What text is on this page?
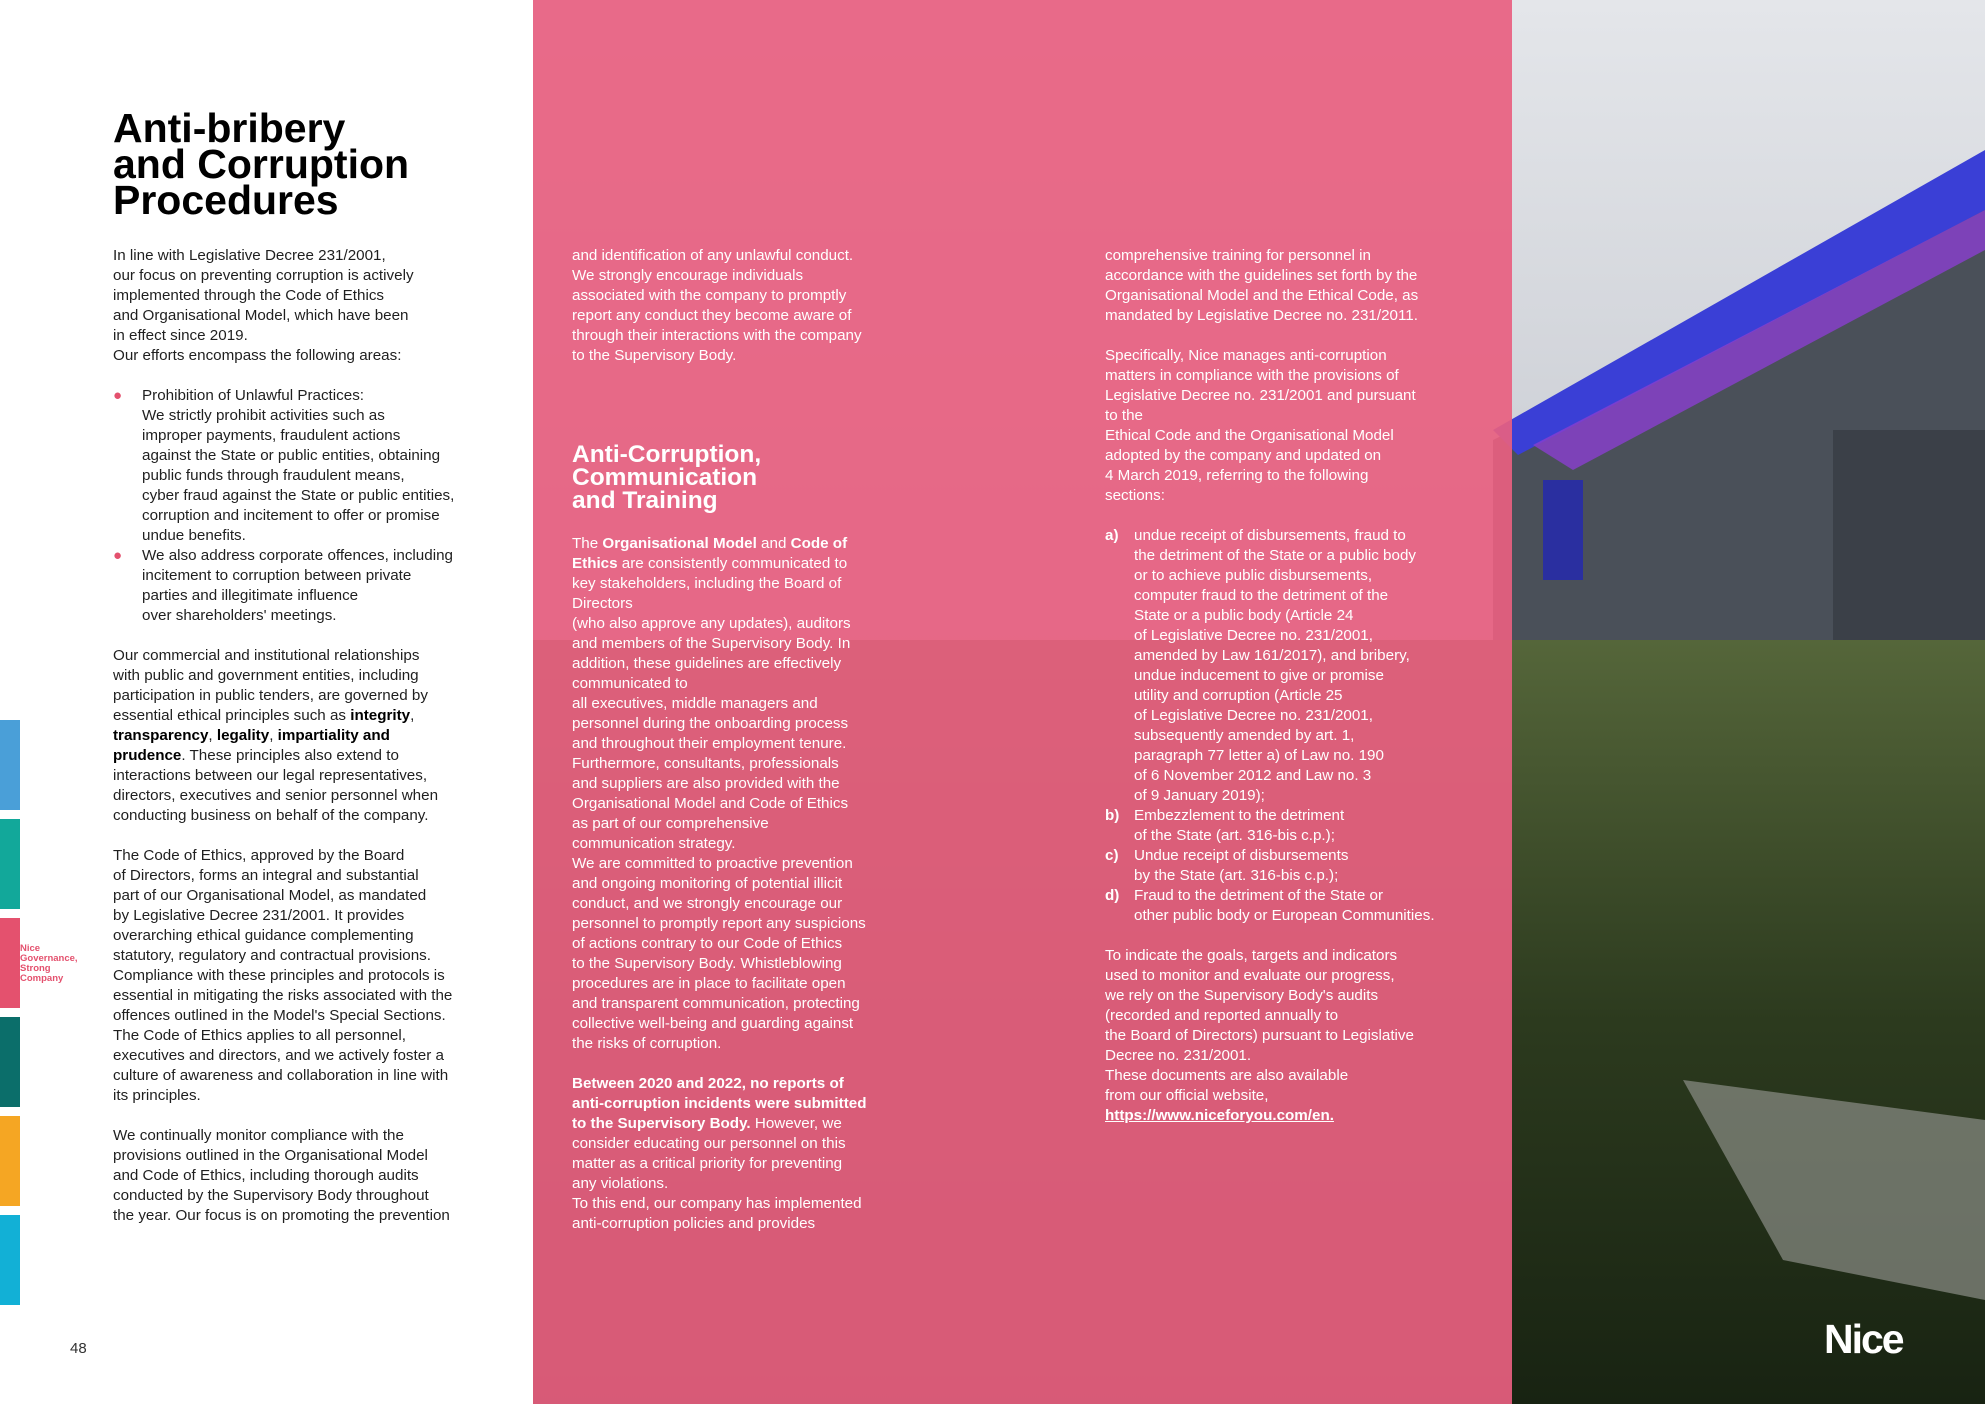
Anti-bribery
and Corruption
Procedures

In line with Legislative Decree 231/2001,
our focus on preventing corruption is actively
implemented through the Code of Ethics
and Organisational Model, which have been
in effect since 2019.
Our efforts encompass the following areas:

● Prohibition of Unlawful Practices:
We strictly prohibit activities such as
improper payments, fraudulent actions
against the State or public entities, obtaining
public funds through fraudulent means,
cyber fraud against the State or public entities,
corruption and incitement to offer or promise
undue benefits.
● We also address corporate offences, including
incitement to corruption between private
parties and illegitimate influence
over shareholders' meetings.

Our commercial and institutional relationships
with public and government entities, including
participation in public tenders, are governed by
essential ethical principles such as integrity,
transparency, legality, impartiality and
prudence. These principles also extend to
interactions between our legal representatives,
directors, executives and senior personnel when
conducting business on behalf of the company.

The Code of Ethics, approved by the Board
of Directors, forms an integral and substantial
part of our Organisational Model, as mandated
by Legislative Decree 231/2001. It provides
overarching ethical guidance complementing
statutory, regulatory and contractual provisions.
Compliance with these principles and protocols is
essential in mitigating the risks associated with the
offences outlined in the Model's Special Sections.
The Code of Ethics applies to all personnel,
executives and directors, and we actively foster a
culture of awareness and collaboration in line with
its principles.

We continually monitor compliance with the
provisions outlined in the Organisational Model
and Code of Ethics, including thorough audits
conducted by the Supervisory Body throughout
the year. Our focus is on promoting the prevention

Nice
Governance,
Strong
Company
48

and identification of any unlawful conduct.
We strongly encourage individuals
associated with the company to promptly
report any conduct they become aware of
through their interactions with the company
to the Supervisory Body.

Anti-Corruption,
Communication
and Training

The Organisational Model and Code of
Ethics are consistently communicated to
key stakeholders, including the Board of
Directors
(who also approve any updates), auditors
and members of the Supervisory Body. In
addition, these guidelines are effectively
communicated to
all executives, middle managers and
personnel during the onboarding process
and throughout their employment tenure.
Furthermore, consultants, professionals
and suppliers are also provided with the
Organisational Model and Code of Ethics
as part of our comprehensive
communication strategy.
We are committed to proactive prevention
and ongoing monitoring of potential illicit
conduct, and we strongly encourage our
personnel to promptly report any suspicions
of actions contrary to our Code of Ethics
to the Supervisory Body. Whistleblowing
procedures are in place to facilitate open
and transparent communication, protecting
collective well-being and guarding against
the risks of corruption.

Between 2020 and 2022, no reports of
anti-corruption incidents were submitted
to the Supervisory Body. However, we
consider educating our personnel on this
matter as a critical priority for preventing
any violations.
To this end, our company has implemented
anti-corruption policies and provides

comprehensive training for personnel in
accordance with the guidelines set forth by the
Organisational Model and the Ethical Code, as
mandated by Legislative Decree no. 231/2011.

Specifically, Nice manages anti-corruption
matters in compliance with the provisions of
Legislative Decree no. 231/2001 and pursuant
to the
Ethical Code and the Organisational Model
adopted by the company and updated on
4 March 2019, referring to the following
sections:

a) undue receipt of disbursements, fraud to
the detriment of the State or a public body
or to achieve public disbursements,
computer fraud to the detriment of the
State or a public body (Article 24
of Legislative Decree no. 231/2001,
amended by Law 161/2017), and bribery,
undue inducement to give or promise
utility and corruption (Article 25
of Legislative Decree no. 231/2001,
subsequently amended by art. 1,
paragraph 77 letter a) of Law no. 190
of 6 November 2012 and Law no. 3
of 9 January 2019);
b) Embezzlement to the detriment
of the State (art. 316-bis c.p.);
c) Undue receipt of disbursements
by the State (art. 316-bis c.p.);
d) Fraud to the detriment of the State or
other public body or European Communities.

To indicate the goals, targets and indicators
used to monitor and evaluate our progress,
we rely on the Supervisory Body's audits
(recorded and reported annually to
the Board of Directors) pursuant to Legislative
Decree no. 231/2001.
These documents are also available
from our official website,

https://www.niceforyou.com/en.
Nice
